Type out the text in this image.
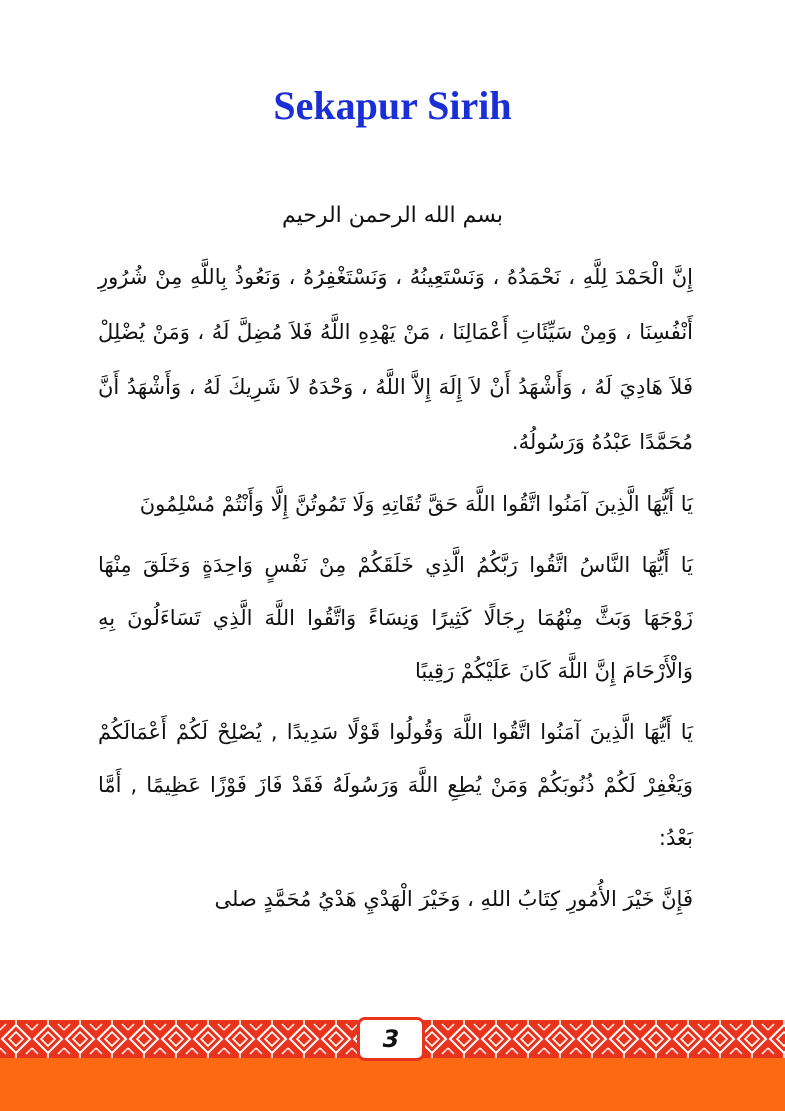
Sekapur Sirih
بسم الله الرحمن الرحيم

إِنَّ الْحَمْدَ لِلَّهِ ، نَحْمَدُهُ ، وَنَسْتَعِينُهُ ، وَنَسْتَغْفِرُهُ ، وَنَعُوذُ بِاللَّهِ مِنْ شُرُورِ أَنْفُسِنَا ، وَمِنْ سَيِّئَاتِ أَعْمَالِنَا ، مَنْ يَهْدِهِ اللَّهُ فَلاَ مُضِلَّ لَهُ ، وَمَنْ يُضْلِلْ فَلاَ هَادِيَ لَهُ ، وَأَشْهَدُ أَنْ لاَ إِلَهَ إِلاَّ اللَّهُ ، وَحْدَهُ لاَ شَرِيكَ لَهُ ، وَأَشْهَدُ أَنَّ مُحَمَّدًا عَبْدُهُ وَرَسُولُهُ.

يَا أَيُّهَا الَّذِينَ آمَنُوا اتَّقُوا اللَّهَ حَقَّ تُقَاتِهِ وَلَا تَمُوتُنَّ إِلَّا وَأَنْتُمْ مُسْلِمُونَ

يَا أَيُّهَا النَّاسُ اتَّقُوا رَبَّكُمُ الَّذِي خَلَقَكُمْ مِنْ نَفْسٍ وَاحِدَةٍ وَخَلَقَ مِنْهَا زَوْجَهَا وَبَثَّ مِنْهُمَا رِجَالًا كَثِيرًا وَنِسَاءً وَاتَّقُوا اللَّهَ الَّذِي تَسَاءَلُونَ بِهِ وَالْأَرْحَامَ إِنَّ اللَّهَ كَانَ عَلَيْكُمْ رَقِيبًا

يَا أَيُّهَا الَّذِينَ آمَنُوا اتَّقُوا اللَّهَ وَقُولُوا قَوْلًا سَدِيدًا , يُصْلِحْ لَكُمْ أَعْمَالَكُمْ وَيَغْفِرْ لَكُمْ ذُنُوبَكُمْ وَمَنْ يُطِعِ اللَّهَ وَرَسُولَهُ فَقَدْ فَازَ فَوْزًا عَظِيمًا , أَمَّا بَعْدُ:

فَإِنَّ خَيْرَ الأُمُورِ كِتَابُ اللهِ ، وَخَيْرَ الْهَدْيِ هَدْيُ مُحَمَّدٍ صلى

3
